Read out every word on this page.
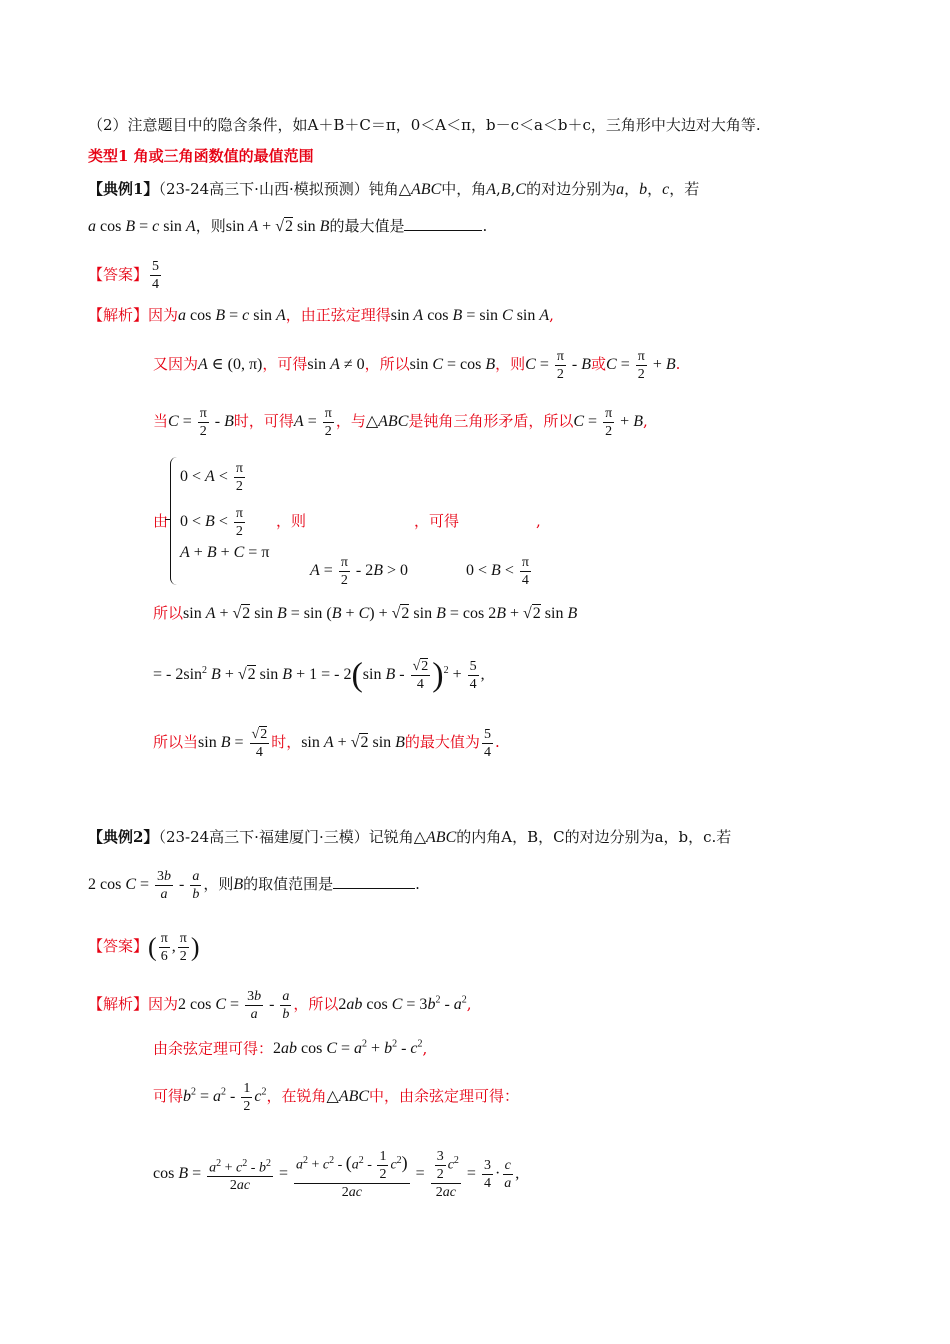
（2）注意题目中的隐含条件，如A＋B＋C＝π，0＜A＜π，b－c＜a＜b＋c，三角形中大边对大角等.
类型1 角或三角函数值的最值范围
【典例1】（23-24高三下·山西·模拟预测）钝角△ABC中，角A,B,C的对边分别为a，b，c，若
a cos B = c sin A，则sin A + √2 sin B的最大值是	.
【答案】 $\frac{5}{4}$
【解析】因为a cos B = c sin A，由正弦定理得sin A cos B = sin C sin A,
又因为A ∈ (0, π)，可得sin A ≠ 0，所以sin C = cos B，则$C = \frac{\pi}{2} - B$或$C = \frac{\pi}{2} + B$.
当$C = \frac{\pi}{2} - B$时，可得$A = \frac{\pi}{2}$ ，与△ABC是钝角三角形矛盾，所以$C = \frac{\pi}{2} + B$,
由
$0 < A < \frac{\pi}{2}$
$0 < B < \frac{\pi}{2}$
A + B + C = π
，则	，可得	,
$A = \frac{\pi}{2} - 2B > 0$	$0 < B < \frac{\pi}{4}$
所以sin A + √2 sin B = sin (B + C) + √2 sin B = cos 2B + √2 sin B
= - $2\sin^2$ B + √2 sin B + 1 = - 2(sin $B - \frac{√2}{4} )^2 + \frac{5}{4}$ ,
所以当$\sin B = \frac{√2}{4}$ 时，sin A + √2 sin B的最大值为 $\frac{5}{4}$ .
【典例2】（23-24高三下·福建厦门·三模）记锐角△ABC的内角A，B，C的对边分别为a，b，c.若
2 $\cos C = \frac{3b}{a} - \frac{a}{b}$ ，则B的取值范围是	.
【答案】( $\frac{\pi}{6}$ , $\frac{\pi}{2}$ )
【解析】因为2 $\cos C = \frac{3b}{a} - \frac{a}{b}$ ，所以2ab $\cos C = 3b^2 - a^2$,
由余弦定理可得：2ab $\cos C = a^2 + b^2 - c^2$,
可得$b^2 = a^2 - \frac{1}{2} c^2$，在锐角△ABC中，由余弦定理可得：
$\cos B = \frac{a^2 + c^2 - b^2}{2ac} = \frac{a^2 + c^2 - (a^2 - \frac{1}{2} c^2)}{2ac} = \frac{\frac{3}{2} c^2}{2ac} = \frac{3}{4} \cdot \frac{c}{a}$ ,
